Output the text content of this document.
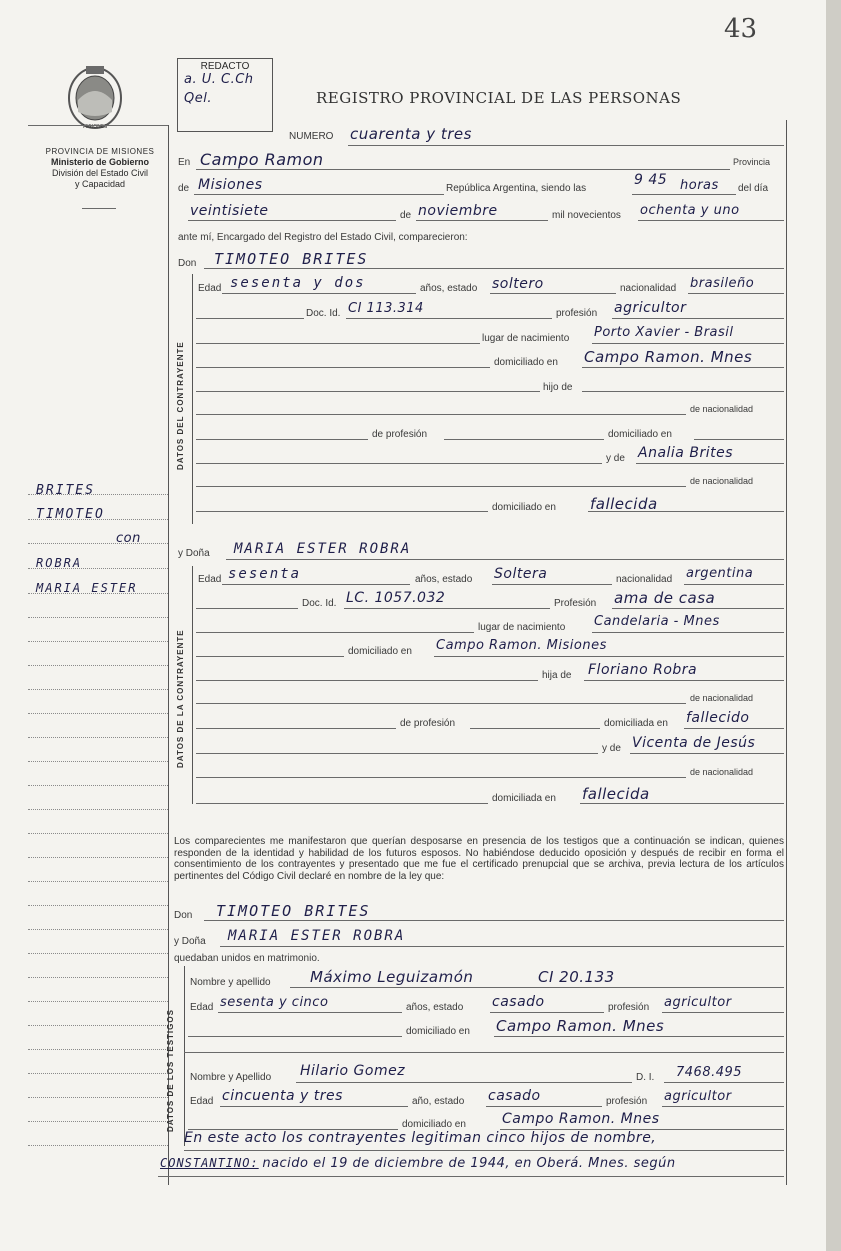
43
MISIONES
PROVINCIA DE MISIONES
Ministerio de Gobierno
División del Estado Civil
y Capacidad
REDACTO
a. U. C.Ch
Qel.	REGISTRO PROVINCIAL DE LAS PERSONAS
BRITES
TIMOTEO
con
ROBRA
MARIA ESTER
NUMERO cuarenta y tres
En Campo Ramon	Provincia
de Misiones	República Argentina, siendo las
9 45 horas del día
veintisiete	de noviembre	mil novecientos ochenta y uno
ante mí, Encargado del Registro del Estado Civil, comparecieron:
Don TIMOTEO BRITES
DATOS DEL CONTRAYENTE
Edad sesenta y dos	años, estado soltero	nacionalidad brasileño
Doc. Id. CI 113.314	profesión agricultor
lugar de nacimiento Porto Xavier - Brasil
domiciliado en Campo Ramon. Mnes
hijo de
de nacionalidad
de profesión	domiciliado en
y de Analia Brites
de nacionalidad
domiciliado en fallecida
y Doña MARIA ESTER ROBRA
DATOS DE LA CONTRAYENTE
Edad sesenta	años, estado Soltera	nacionalidad argentina
Doc. Id. LC. 1057.032	Profesión ama de casa
lugar de nacimiento Candelaria - Mnes
domiciliado en Campo Ramon. Misiones
hija de Floriano Robra
de nacionalidad
de profesión	domiciliada en fallecido
y de Vicenta de Jesús
de nacionalidad
domiciliada en fallecida
Los comparecientes me manifestaron que querían desposarse en presencia de los testigos que a continuación se indican, quienes responden de la identidad y habilidad de los futuros esposos. No habiéndose deducido oposición y después de recibir en forma el consentimiento de los contrayentes y presentado que me fue el certificado prenupcial que se archiva, previa lectura de los artículos pertinentes del Código Civil declaré en nombre de la ley que:
Don TIMOTEO BRITES
y Doña MARIA ESTER ROBRA
quedaban unidos en matrimonio.
DATOS DE LOS TESTIGOS
Nombre y apellido	Máximo Leguizamón	CI 20.133
Edad sesenta y cinco	años, estado casado	profesión agricultor
domiciliado en Campo Ramon. Mnes
Nombre y Apellido Hilario Gomez	D. I. 7468.495
Edad cincuenta y tres	año, estado casado	profesión agricultor
domiciliado en	Campo Ramon. Mnes
En este acto los contrayentes legitiman cinco hijos de nombre,
CONSTANTINO: nacido el 19 de diciembre de 1944, en Oberá. Mnes. según
